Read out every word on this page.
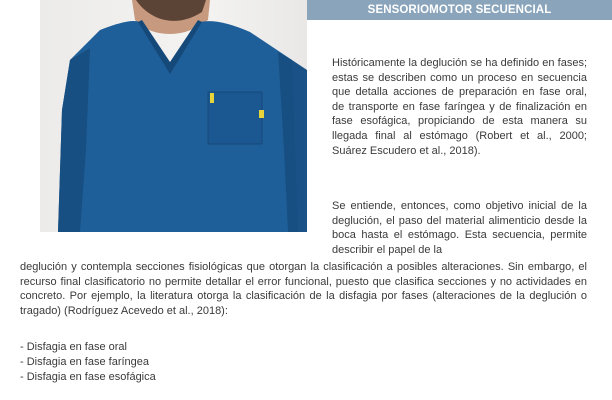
SENSORIOMOTOR SECUENCIAL

Históricamente la deglución se ha definido en fases; estas se describen como un proceso en secuencia que detalla acciones de preparación en fase oral, de transporte en fase faríngea y de finalización en fase esofágica, propiciando de esta manera su llegada final al estómago (Robert et al., 2000; Suárez Escudero et al., 2018).

Se entiende, entonces, como objetivo inicial de la deglución, el paso del material alimenticio desde la boca hasta el estómago. Esta secuencia, permite describir el papel de la

deglución y contempla secciones fisiológicas que otorgan la clasificación a posibles alteraciones. Sin embargo, el recurso final clasificatorio no permite detallar el error funcional, puesto que clasifica secciones y no actividades en concreto. Por ejemplo, la literatura otorga la clasificación de la disfagia por fases (alteraciones de la deglución o tragado) (Rodríguez Acevedo et al., 2018):

- Disfagia en fase oral
- Disfagia en fase faríngea
- Disfagia en fase esofágica
